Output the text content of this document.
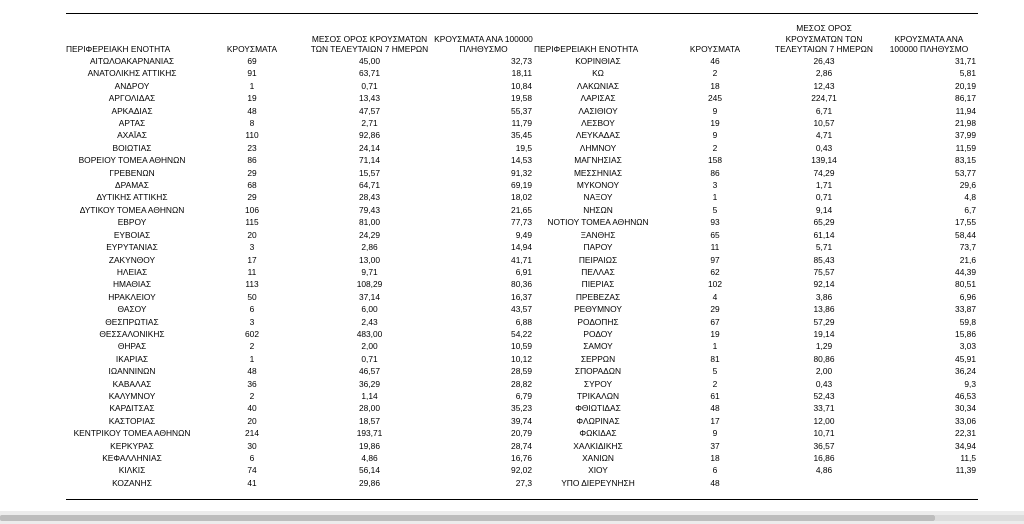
ΠΕΡΙΦΕΡΕΙΑΚΗ ΕΝΟΤΗΤΑ	ΚΡΟΥΣΜΑΤΑ	ΜΕΣΟΣ ΟΡΟΣ ΚΡΟΥΣΜΑΤΩΝ ΤΩΝ ΤΕΛΕΥΤΑΙΩΝ 7 ΗΜΕΡΩΝ	ΚΡΟΥΣΜΑΤΑ ΑΝΑ 100000 ΠΛΗΘΥΣΜΟ	ΠΕΡΙΦΕΡΕΙΑΚΗ ΕΝΟΤΗΤΑ	ΚΡΟΥΣΜΑΤΑ	ΜΕΣΟΣ ΟΡΟΣ ΚΡΟΥΣΜΑΤΩΝ ΤΩΝ ΤΕΛΕΥΤΑΙΩΝ 7 ΗΜΕΡΩΝ	ΚΡΟΥΣΜΑΤΑ ΑΝΑ 100000 ΠΛΗΘΥΣΜΟ
ΑΙΤΩΛΟΑΚΑΡΝΑΝΙΑΣ	69	45,00	32,73	ΚΟΡΙΝΘΙΑΣ	46	26,43	31,71
ΑΝΑΤΟΛΙΚΗΣ ΑΤΤΙΚΗΣ	91	63,71	18,11	ΚΩ	2	2,86	5,81
ΑΝΔΡΟΥ	1	0,71	10,84	ΛΑΚΩΝΙΑΣ	18	12,43	20,19
ΑΡΓΟΛΙΔΑΣ	19	13,43	19,58	ΛΑΡΙΣΑΣ	245	224,71	86,17
ΑΡΚΑΔΙΑΣ	48	47,57	55,37	ΛΑΣΙΘΙΟΥ	9	6,71	11,94
ΑΡΤΑΣ	8	2,71	11,79	ΛΕΣΒΟΥ	19	10,57	21,98
ΑΧΑΪΑΣ	110	92,86	35,45	ΛΕΥΚΑΔΑΣ	9	4,71	37,99
ΒΟΙΩΤΙΑΣ	23	24,14	19,5	ΛΗΜΝΟΥ	2	0,43	11,59
ΒΟΡΕΙΟΥ ΤΟΜΕΑ ΑΘΗΝΩΝ	86	71,14	14,53	ΜΑΓΝΗΣΙΑΣ	158	139,14	83,15
ΓΡΕΒΕΝΩΝ	29	15,57	91,32	ΜΕΣΣΗΝΙΑΣ	86	74,29	53,77
ΔΡΑΜΑΣ	68	64,71	69,19	ΜΥΚΟΝΟΥ	3	1,71	29,6
ΔΥΤΙΚΗΣ ΑΤΤΙΚΗΣ	29	28,43	18,02	ΝΑΞΟΥ	1	0,71	4,8
ΔΥΤΙΚΟΥ ΤΟΜΕΑ ΑΘΗΝΩΝ	106	79,43	21,65	ΝΗΣΩΝ	5	9,14	6,7
ΕΒΡΟΥ	115	81,00	77,73	ΝΟΤΙΟΥ ΤΟΜΕΑ ΑΘΗΝΩΝ	93	65,29	17,55
ΕΥΒΟΙΑΣ	20	24,29	9,49	ΞΑΝΘΗΣ	65	61,14	58,44
ΕΥΡΥΤΑΝΙΑΣ	3	2,86	14,94	ΠΑΡΟΥ	11	5,71	73,7
ΖΑΚΥΝΘΟΥ	17	13,00	41,71	ΠΕΙΡΑΙΩΣ	97	85,43	21,6
ΗΛΕΙΑΣ	11	9,71	6,91	ΠΕΛΛΑΣ	62	75,57	44,39
ΗΜΑΘΙΑΣ	113	108,29	80,36	ΠΙΕΡΙΑΣ	102	92,14	80,51
ΗΡΑΚΛΕΙΟΥ	50	37,14	16,37	ΠΡΕΒΕΖΑΣ	4	3,86	6,96
ΘΑΣΟΥ	6	6,00	43,57	ΡΕΘΥΜΝΟΥ	29	13,86	33,87
ΘΕΣΠΡΩΤΙΑΣ	3	2,43	6,88	ΡΟΔΟΠΗΣ	67	57,29	59,8
ΘΕΣΣΑΛΟΝΙΚΗΣ	602	483,00	54,22	ΡΟΔΟΥ	19	19,14	15,86
ΘΗΡΑΣ	2	2,00	10,59	ΣΑΜΟΥ	1	1,29	3,03
ΙΚΑΡΙΑΣ	1	0,71	10,12	ΣΕΡΡΩΝ	81	80,86	45,91
ΙΩΑΝΝΙΝΩΝ	48	46,57	28,59	ΣΠΟΡΑΔΩΝ	5	2,00	36,24
ΚΑΒΑΛΑΣ	36	36,29	28,82	ΣΥΡΟΥ	2	0,43	9,3
ΚΑΛΥΜΝΟΥ	2	1,14	6,79	ΤΡΙΚΑΛΩΝ	61	52,43	46,53
ΚΑΡΔΙΤΣΑΣ	40	28,00	35,23	ΦΘΙΩΤΙΔΑΣ	48	33,71	30,34
ΚΑΣΤΟΡΙΑΣ	20	18,57	39,74	ΦΛΩΡΙΝΑΣ	17	12,00	33,06
ΚΕΝΤΡΙΚΟΥ ΤΟΜΕΑ ΑΘΗΝΩΝ	214	193,71	20,79	ΦΩΚΙΔΑΣ	9	10,71	22,31
ΚΕΡΚΥΡΑΣ	30	19,86	28,74	ΧΑΛΚΙΔΙΚΗΣ	37	36,57	34,94
ΚΕΦΑΛΛΗΝΙΑΣ	6	4,86	16,76	ΧΑΝΙΩΝ	18	16,86	11,5
ΚΙΛΚΙΣ	74	56,14	92,02	ΧΙΟΥ	6	4,86	11,39
ΚΟΖΑΝΗΣ	41	29,86	27,3	ΥΠΟ ΔΙΕΡΕΥΝΗΣΗ	48		
